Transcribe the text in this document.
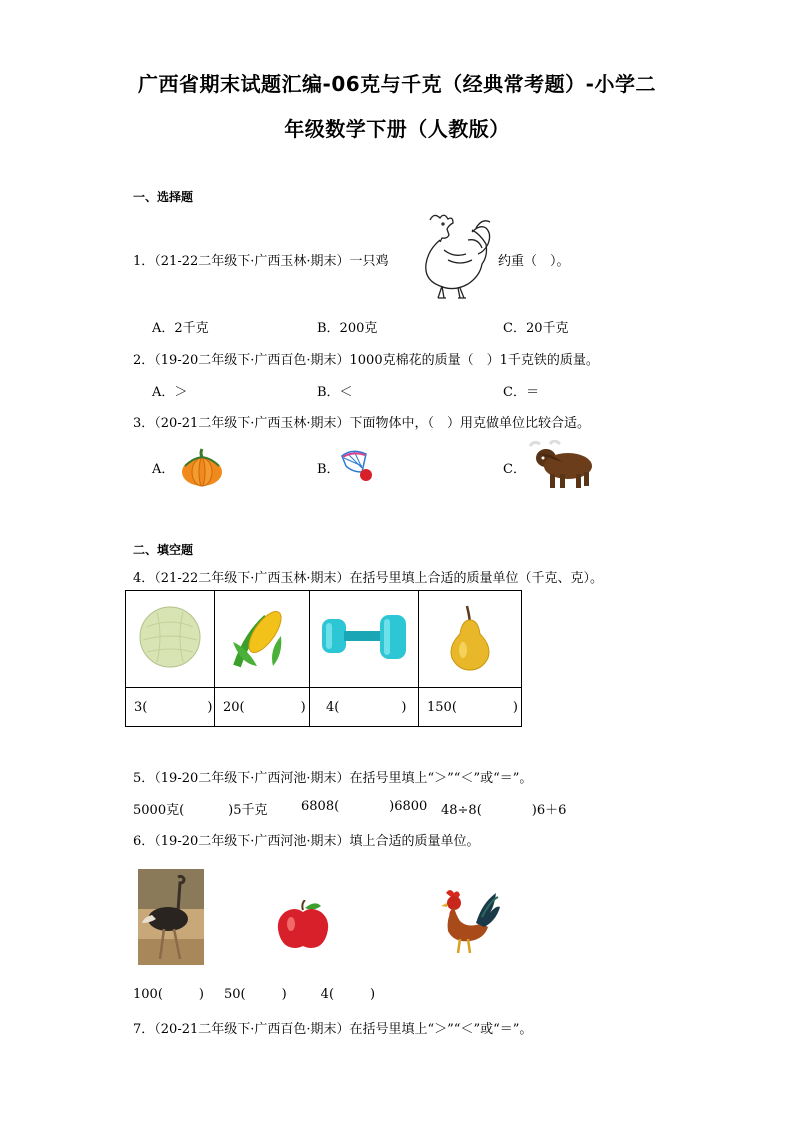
广西省期末试题汇编-06克与千克（经典常考题）-小学二
年级数学下册（人教版）
一、选择题
1．（21-22二年级下·广西玉林·期末）一只鸡	约重（　）。
A．2千克	B．200克	C．20千克
2．（19-20二年级下·广西百色·期末）1000克棉花的质量（　）1千克铁的质量。
A．＞	B．＜	C．＝
3．（20-21二年级下·广西玉林·期末）下面物体中，（　）用克做单位比较合适。
A．	B．	C．
二、填空题
4．（21-22二年级下·广西玉林·期末）在括号里填上合适的质量单位（千克、克）。

3( )	20( )	4( )	150( )
5．（19-20二年级下·广西河池·期末）在括号里填上“＞”“＜”或“＝”。
5000克(	)5千克	6808(	)6800 48÷8(	)6＋6
6．（19-20二年级下·广西河池·期末）填上合适的质量单位。
100(	) 50(	)	4(	)
7．（20-21二年级下·广西百色·期末）在括号里填上“＞”“＜”或“＝”。
